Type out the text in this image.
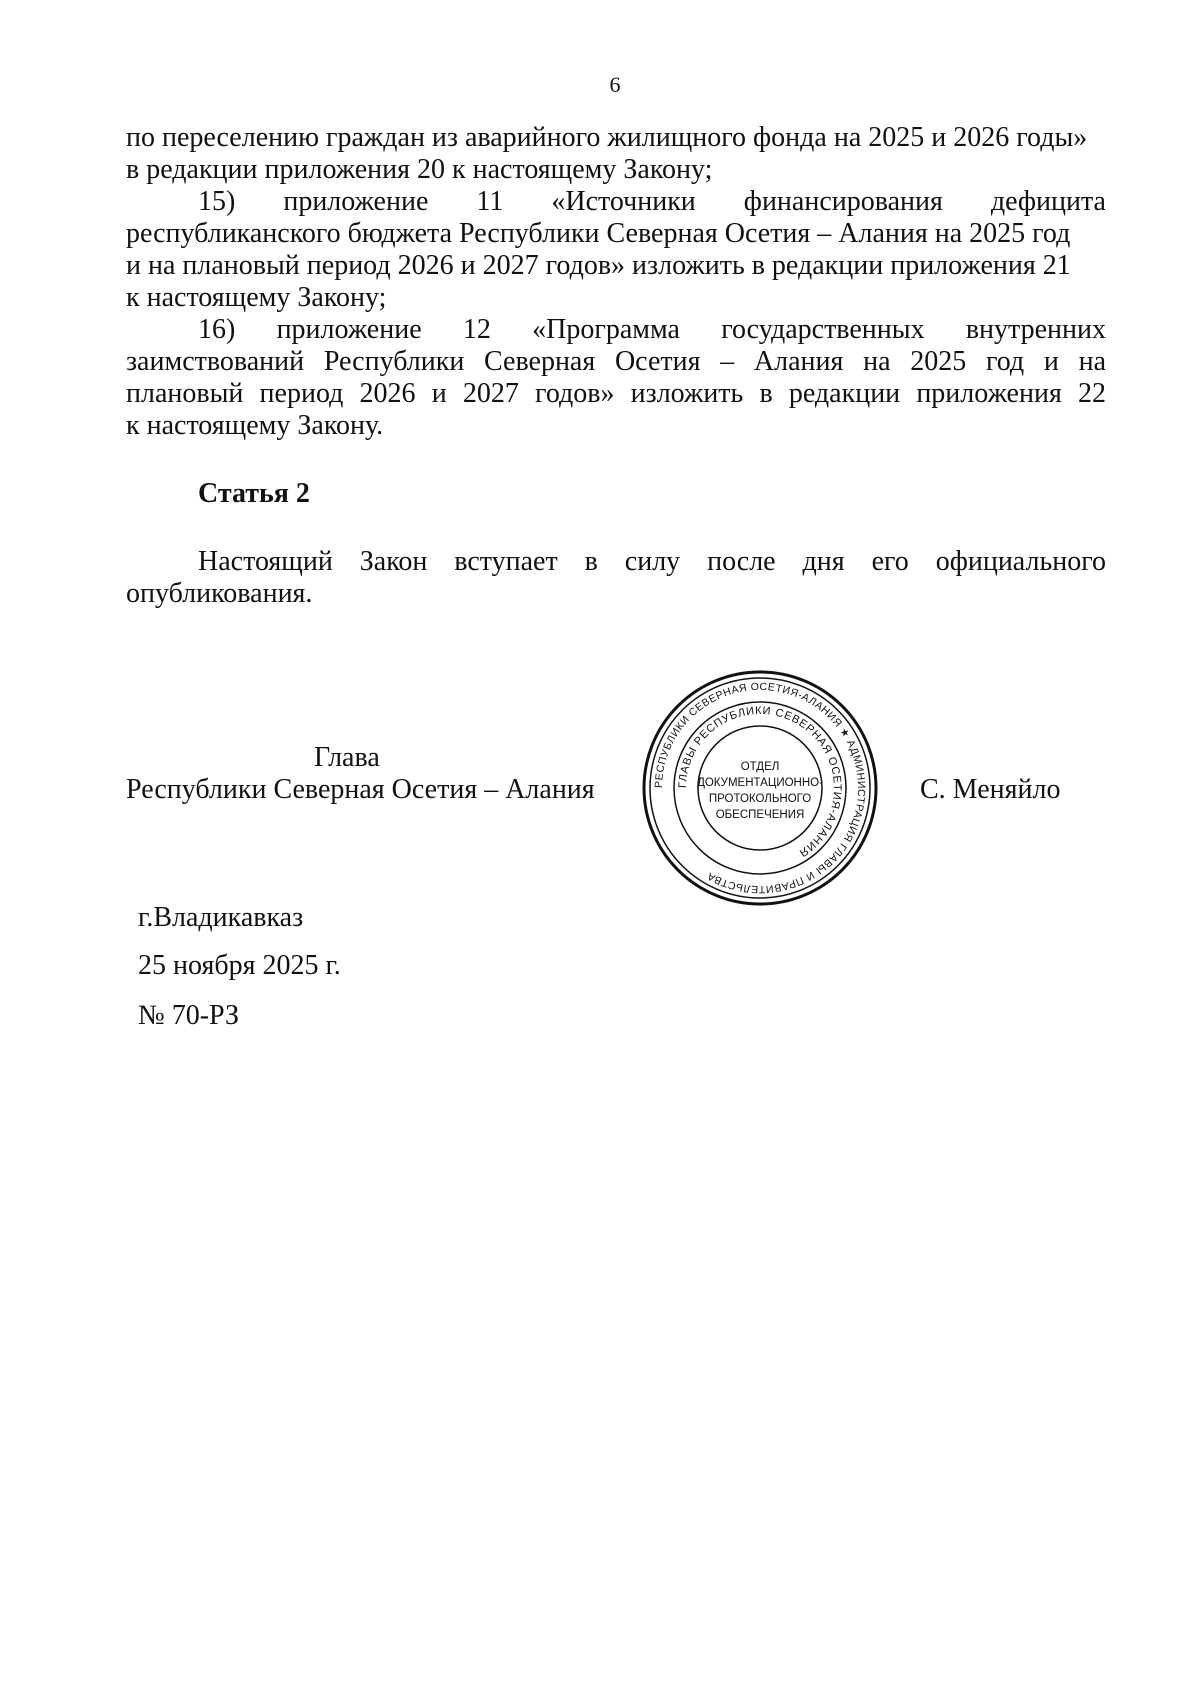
6
по переселению граждан из аварийного жилищного фонда на 2025 и 2026 годы»
в редакции приложения 20 к настоящему Закону;
15) приложение 11 «Источники финансирования дефицита
республиканского бюджета Республики Северная Осетия – Алания на 2025 год
и на плановый период 2026 и 2027 годов» изложить в редакции приложения 21
к настоящему Закону;
16) приложение 12 «Программа государственных внутренних
заимствований Республики Северная Осетия – Алания на 2025 год и на
плановый период 2026 и 2027 годов» изложить в редакции приложения 22
к настоящему Закону.
Статья 2
Настоящий Закон вступает в силу после дня его официального
опубликования.
Глава
Республики Северная Осетия – Алания	С. Меняйло
РЕСПУБЛИКИ СЕВЕРНАЯ ОСЕТИЯ-АЛАНИЯ ★ АДМИНИСТРАЦИЯ ГЛАВЫ И ПРАВИТЕЛЬСТВА
ГЛАВЫ РЕСПУБЛИКИ СЕВЕРНАЯ ОСЕТИЯ-АЛАНИЯ
ОТДЕЛ
ДОКУМЕНТАЦИОННО-
ПРОТОКОЛЬНОГО
ОБЕСПЕЧЕНИЯ
г.Владикавказ
25 ноября 2025 г.
№ 70-РЗ
